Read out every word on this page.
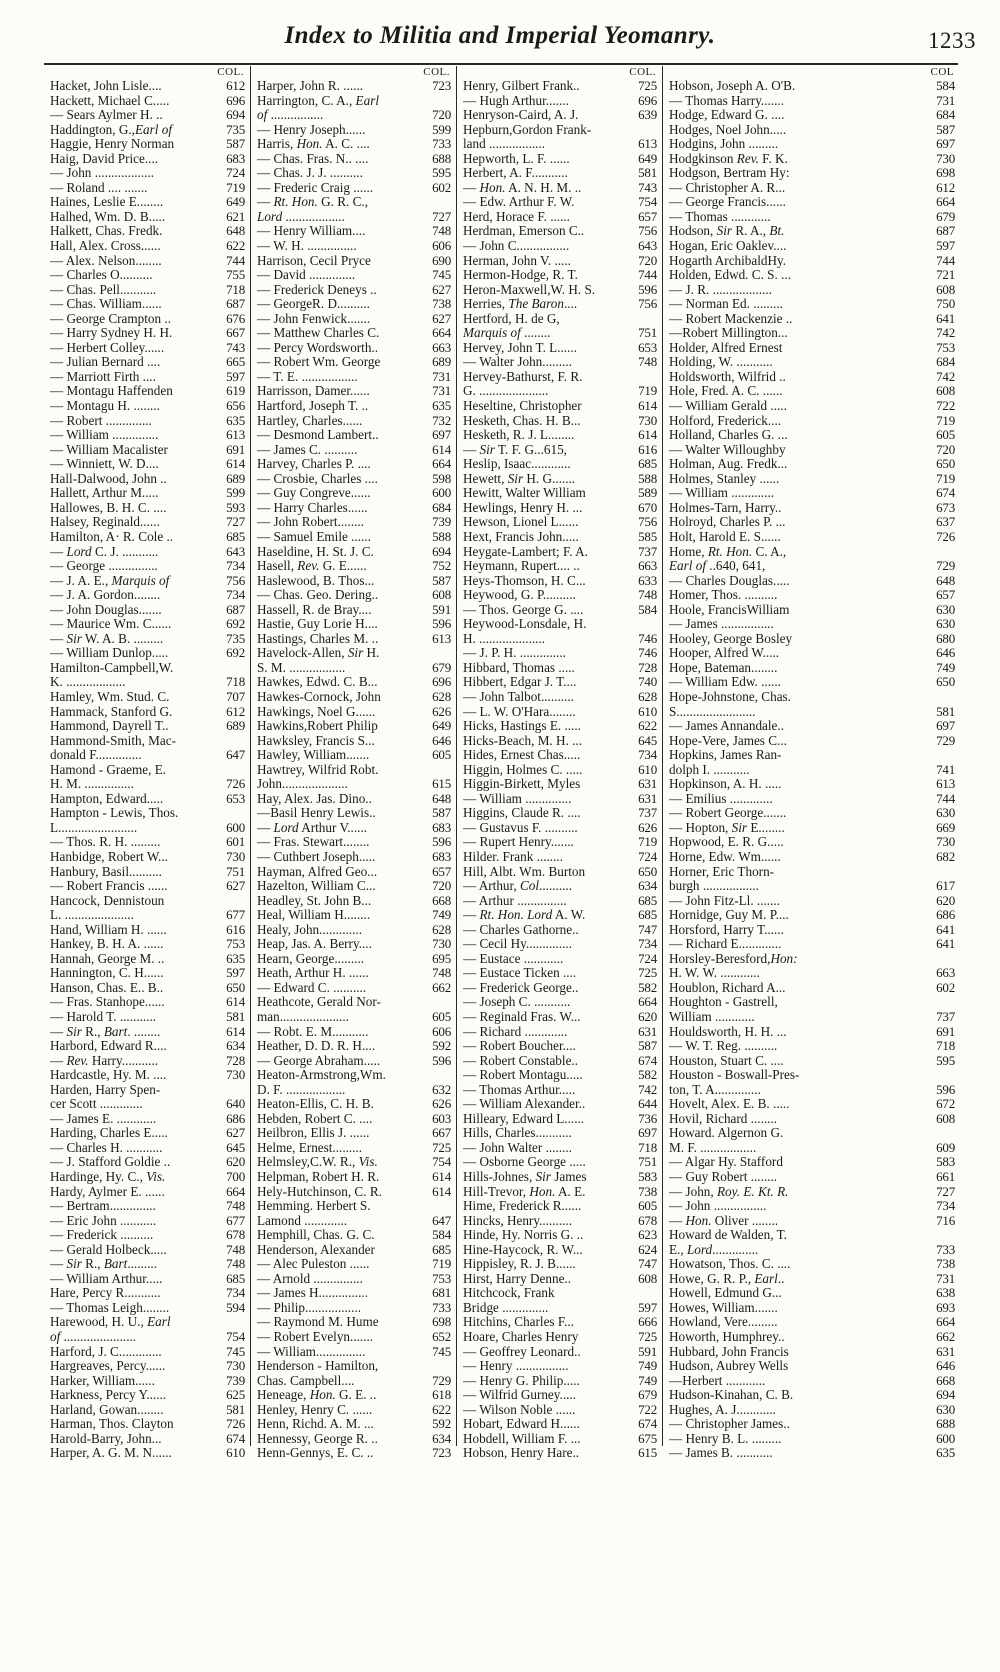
Index to Militia and Imperial Yeomanry.	1233
COL.
Hacket, John Lisle....	612
Hackett, Michael C.....	696
— Sears Aylmer H. ..	694
Haddington, G.,Earl of	735
Haggie, Henry Norman	587
Haig, David Price....	683
— John ..................	724
— Roland .... .......	719
Haines, Leslie E........	649
Halhed, Wm. D. B.....	621
Halkett, Chas. Fredk.	648
Hall, Alex. Cross......	622
— Alex. Nelson........	744
— Charles O..........	755
— Chas. Pell...........	718
— Chas. William......	687
— George Crampton ..	676
— Harry Sydney H. H.	667
— Herbert Colley......	743
— Julian Bernard ....	665
— Marriott Firth ....	597
— Montagu Haffenden	619
— Montagu H. ........	656
— Robert ..............	635
— William ..............	613
— William Macalister	691
— Winniett, W. D....	614
Hall-Dalwood, John ..	689
Hallett, Arthur M.....	599
Hallowes, B. H. C. ....	593
Halsey, Reginald......	727
Hamilton, A· R. Cole ..	685
— Lord C. J. ...........	643
— George ...............	734
— J. A. E., Marquis of	756
— J. A. Gordon........	734
— John Douglas.......	687
— Maurice Wm. C......	692
— Sir W. A. B. .........	735
— William Dunlop.....	692
Hamilton-Campbell,W.
K. ..................	718
Hamley, Wm. Stud. C.	707
Hammack, Stanford G.	612
Hammond, Dayrell T..	689
Hammond-Smith, Mac-
donald F..............	647
Hamond - Graeme, E.
H. M. ...............	726
Hampton, Edward.....	653
Hampton - Lewis, Thos.
L........................	600
— Thos. R. H. .........	601
Hanbidge, Robert W...	730
Hanbury, Basil..........	751
— Robert Francis ......	627
Hancock, Dennistoun
L. .....................	677
Hand, William H. ......	616
Hankey, B. H. A. ......	753
Hannah, George M. ..	635
Hannington, C. H......	597
Hanson, Chas. E.. B..	650
— Fras. Stanhope......	614
— Harold T. ...........	581
— Sir R., Bart. ........	614
Harbord, Edward R....	634
— Rev. Harry...........	728
Hardcastle, Hy. M. ....	730
Harden, Harry Spen-
cer Scott .............	640
— James E. ............	686
Harding, Charles E.....	627
— Charles H. ...........	645
— J. Stafford Goldie ..	620
Hardinge, Hy. C., Vis.	700
Hardy, Aylmer E. ......	664
— Bertram..............	748
— Eric John ...........	677
— Frederick ..........	678
— Gerald Holbeck.....	748
— Sir R., Bart.........	748
— William Arthur.....	685
Hare, Percy R...........	734
— Thomas Leigh........	594
Harewood, H. U., Earl
of ......................	754
Harford, J. C.............	745
Hargreaves, Percy......	730
Harker, William......	739
Harkness, Percy Y......	625
Harland, Gowan........	581
Harman, Thos. Clayton	726
Harold-Barry, John...	674
Harper, A. G. M. N......	610
COL.
Harper, John R. ......	723
Harrington, C. A., Earl
of ................	720
— Henry Joseph......	599
Harris, Hon. A. C. ....	733
— Chas. Fras. N.. ....	688
— Chas. J. J. ..........	595
— Frederic Craig ......	602
— Rt. Hon. G. R. C.,
Lord ..................	727
— Henry William....	748
— W. H. ...............	606
Harrison, Cecil Pryce	690
— David ..............	745
— Frederick Deneys ..	627
— GeorgeR. D..........	738
— John Fenwick.......	627
— Matthew Charles C.	664
— Percy Wordsworth..	663
— Robert Wm. George	689
— T. E. .................	731
Harrisson, Damer......	731
Hartford, Joseph T. ..	635
Hartley, Charles......	732
— Desmond Lambert..	697
— James C. ..........	614
Harvey, Charles P. ....	664
— Crosbie, Charles ....	598
— Guy Congreve......	600
— Harry Charles......	684
— John Robert........	739
— Samuel Emile ......	588
Haseldine, H. St. J. C.	694
Hasell, Rev. G. E......	752
Haslewood, B. Thos...	587
— Chas. Geo. Dering..	608
Hassell, R. de Bray....	591
Hastie, Guy Lorie H....	596
Hastings, Charles M. ..	613
Havelock-Allen, Sir H.
S. M. .................	679
Hawkes, Edwd. C. B...	696
Hawkes-Cornock, John	628
Hawkings, Noel G......	626
Hawkins,Robert Philip	649
Hawksley, Francis S...	646
Hawley, William.......	605
Hawtrey, Wilfrid Robt.
John....................	615
Hay, Alex. Jas. Dino..	648
—Basil Henry Lewis..	587
— Lord Arthur V......	683
— Fras. Stewart........	596
— Cuthbert Joseph.....	683
Hayman, Alfred Geo...	657
Hazelton, William C...	720
Headley, St. John B...	668
Heal, William H........	749
Healy, John.............	628
Heap, Jas. A. Berry....	730
Hearn, George.........	695
Heath, Arthur H. ......	748
— Edward C. ..........	662
Heathcote, Gerald Nor-
man.....................	605
— Robt. E. M...........	606
Heather, D. D. R. H....	592
— George Abraham.....	596
Heaton-Armstrong,Wm.
D. F. ..................	632
Heaton-Ellis, C. H. B.	626
Hebden, Robert C. ....	603
Heilbron, Ellis J. ......	667
Helme, Ernest.........	725
Helmsley,C.W. R., Vis.	754
Helpman, Robert H. R.	614
Hely-Hutchinson, C. R.	614
Hemming. Herbert S.
Lamond .............	647
Hemphill, Chas. G. C.	584
Henderson, Alexander	685
— Alec Puleston ......	719
— Arnold ...............	753
— James H...............	681
— Philip.................	733
— Raymond M. Hume	698
— Robert Evelyn.......	652
— William...............	745
Henderson - Hamilton,
Chas. Campbell....	729
Heneage, Hon. G. E. ..	618
Henley, Henry C. ......	622
Henn, Richd. A. M. ...	592
Hennessy, George R. ..	634
Henn-Gennys, E. C. ..	723
COL.
Henry, Gilbert Frank..	725
— Hugh Arthur.......	696
Henryson-Caird, A. J.	639
Hepburn,Gordon Frank-
land .................	613
Hepworth, L. F. ......	649
Herbert, A. F...........	581
— Hon. A. N. H. M. ..	743
— Edw. Arthur F. W.	754
Herd, Horace F. ......	657
Herdman, Emerson C..	756
— John C................	643
Herman, John V. .....	720
Hermon-Hodge, R. T.	744
Heron-Maxwell,W. H. S.	596
Herries, The Baron....	756
Hertford, H. de G,
Marquis of ........	751
Hervey, John T. L......	653
— Walter John.........	748
Hervey-Bathurst, F. R.
G. .....................	719
Heseltine, Christopher	614
Hesketh, Chas. H. B...	730
Hesketh, R. J. L........	614
— Sir T. F. G...615,	616
Heslip, Isaac............	685
Hewett, Sir H. G.......	588
Hewitt, Walter William	589
Hewlings, Henry H. ...	670
Hewson, Lionel L......	756
Hext, Francis John.....	585
Heygate-Lambert; F. A.	737
Heymann, Rupert.... ..	663
Heys-Thomson, H. C...	633
Heywood, G. P..........	748
— Thos. George G. ....	584
Heywood-Lonsdale, H.
H. ....................	746
— J. P. H. ..............	746
Hibbard, Thomas .....	728
Hibbert, Edgar J. T....	740
— John Talbot..........	628
— L. W. O'Hara........	610
Hicks, Hastings E. .....	622
Hicks-Beach, M. H. ...	645
Hides, Ernest Chas.....	734
Higgin, Holmes C. .....	610
Higgin-Birkett, Myles	631
— William ..............	631
Higgins, Claude R. ....	737
— Gustavus F. ..........	626
— Rupert Henry.......	719
Hilder. Frank ........	724
Hill, Albt. Wm. Burton	650
— Arthur, Col..........	634
— Arthur ...............	685
— Rt. Hon. Lord A. W.	685
— Charles Gathorne..	747
— Cecil Hy..............	734
— Eustace ............	724
— Eustace Ticken ....	725
— Frederick George..	582
— Joseph C. ...........	664
— Reginald Fras. W...	620
— Richard .............	631
— Robert Boucher....	587
— Robert Constable..	674
— Robert Montagu.....	582
— Thomas Arthur.....	742
— William Alexander..	644
Hilleary, Edward L......	736
Hills, Charles...........	697
— John Walter ........	718
— Osborne George .....	751
Hills-Johnes, Sir James	583
Hill-Trevor, Hon. A. E.	738
Hime, Frederick R......	605
Hincks, Henry..........	678
Hinde, Hy. Norris G. ..	623
Hine-Haycock, R. W...	624
Hippisley, R. J. B......	747
Hirst, Harry Denne..	608
Hitchcock, Frank
Bridge ..............	597
Hitchins, Charles F...	666
Hoare, Charles Henry	725
— Geoffrey Leonard..	591
— Henry ................	749
— Henry G. Philip.....	749
— Wilfrid Gurney.....	679
— Wilson Noble ......	722
Hobart, Edward H......	674
Hobdell, William F. ...	675
Hobson, Henry Hare..	615
COL
Hobson, Joseph A. O'B.	584
— Thomas Harry.......	731
Hodge, Edward G. ....	684
Hodges, Noel John.....	587
Hodgins, John .........	697
Hodgkinson Rev. F. K.	730
Hodgson, Bertram Hy:	698
— Christopher A. R...	612
— George Francis......	664
— Thomas ............	679
Hodson, Sir R. A., Bt.	687
Hogan, Eric Oaklev....	597
Hogarth ArchibaldHy.	744
Holden, Edwd. C. S. ...	721
— J. R. ..................	608
— Norman Ed. .........	750
— Robert Mackenzie ..	641
—Robert Millington...	742
Holder, Alfred Ernest	753
Holding, W. ...........	684
Holdsworth, Wilfrid ..	742
Hole, Fred. A. C. ......	608
— William Gerald .....	722
Holford, Frederick....	719
Holland, Charles G. ...	605
— Walter Willoughby	720
Holman, Aug. Fredk...	650
Holmes, Stanley ......	719
— William .............	674
Holmes-Tarn, Harry..	673
Holroyd, Charles P. ...	637
Holt, Harold E. S......	726
Home, Rt. Hon. C. A.,
Earl of ..640, 641,	729
— Charles Douglas.....	648
Homer, Thos. ..........	657
Hoole, FrancisWilliam	630
— James ................	630
Hooley, George Bosley	680
Hooper, Alfred W.....	646
Hope, Bateman........	749
— William Edw. ......	650
Hope-Johnstone, Chas.
S........................	581
— James Annandale..	697
Hope-Vere, James C...	729
Hopkins, James Ran-
dolph I. ...........	741
Hopkinson, A. H. .....	613
— Emilius .............	744
— Robert George.......	630
— Hopton, Sir E........	669
Hopwood, E. R. G.....	730
Horne, Edw. Wm......	682
Horner, Eric Thorn-
burgh .................	617
— John Fitz-Ll. .......	620
Hornidge, Guy M. P....	686
Horsford, Harry T......	641
— Richard E.............	641
Horsley-Beresford,Hon:
H. W. W. ............	663
Houblon, Richard A...	602
Houghton - Gastrell,
William ............	737
Houldsworth, H. H. ...	691
— W. T. Reg. ..........	718
Houston, Stuart C. ....	595
Houston - Boswall-Pres-
ton, T. A..............	596
Hovelt, Alex. E. B. .....	672
Hovil, Richard ........	608
Howard. Algernon G.
M. F. .................	609
— Algar Hy. Stafford	583
— Guy Robert ........	661
— John, Roy. E. Kt. R.	727
— John ................	734
— Hon. Oliver ........	716
Howard de Walden, T.
E., Lord..............	733
Howatson, Thos. C. ....	738
Howe, G. R. P., Earl..	731
Howell, Edmund G...	638
Howes, William.......	693
Howland, Vere.........	664
Howorth, Humphrey..	662
Hubbard, John Francis	631
Hudson, Aubrey Wells	646
—Herbert ............	668
Hudson-Kinahan, C. B.	694
Hughes, A. J............	630
— Christopher James..	688
— Henry B. L. .........	600
— James B. ...........	635
